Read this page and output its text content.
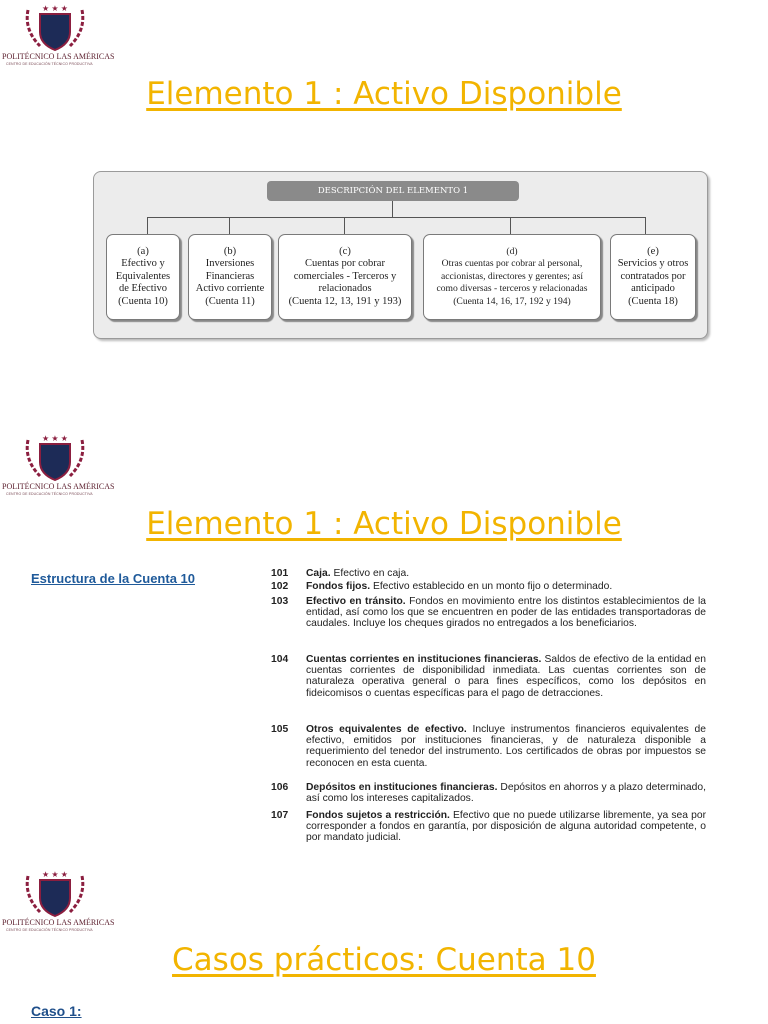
★ ★ ★
POLITÉCNICO LAS AMÉRICAS
CENTRO DE EDUCACIÓN TÉCNICO PRODUCTIVA
Elemento 1 : Activo Disponible
DESCRIPCIÓN DEL ELEMENTO 1
(a)
Efectivo y
Equivalentes
de Efectivo
(Cuenta 10)
(b)
Inversiones
Financieras
Activo corriente
(Cuenta 11)
(c)
Cuentas por cobrar
comerciales - Terceros y
relacionados
(Cuenta 12, 13, 191 y 193)
(d)
Otras cuentas por cobrar al personal,
accionistas, directores y gerentes; así
como diversas - terceros y relacionadas
(Cuenta 14, 16, 17, 192 y 194)
(e)
Servicios y otros
contratados por
anticipado
(Cuenta 18)
★ ★ ★
POLITÉCNICO LAS AMÉRICAS
CENTRO DE EDUCACIÓN TÉCNICO PRODUCTIVA
Elemento 1 : Activo Disponible
Estructura de la Cuenta 10	101 Caja. Efectivo en caja.
102 Fondos fijos. Efectivo establecido en un monto fijo o determinado.
103 Efectivo en tránsito. Fondos en movimiento entre los distintos establecimientos de la entidad, así como los que se encuentren en poder de las entidades transportadoras de caudales. Incluye los cheques girados no entregados a los beneficiarios.
104 Cuentas corrientes en instituciones financieras. Saldos de efectivo de la entidad en cuentas corrientes de disponibilidad inmediata. Las cuentas corrientes son de naturaleza operativa general o para fines específicos, como los depósitos en fideicomisos o cuentas específicas para el pago de detracciones.
105 Otros equivalentes de efectivo. Incluye instrumentos financieros equivalentes de efectivo, emitidos por instituciones financieras, y de naturaleza disponible a requerimiento del tenedor del instrumento. Los certificados de obras por impuestos se reconocen en esta cuenta.
106 Depósitos en instituciones financieras. Depósitos en ahorros y a plazo determinado, así como los intereses capitalizados.
107 Fondos sujetos a restricción. Efectivo que no puede utilizarse libremente, ya sea por corresponder a fondos en garantía, por disposición de alguna autoridad competente, o por mandato judicial.
★ ★ ★
POLITÉCNICO LAS AMÉRICAS
CENTRO DE EDUCACIÓN TÉCNICO PRODUCTIVA
Casos prácticos: Cuenta 10
Caso 1:
